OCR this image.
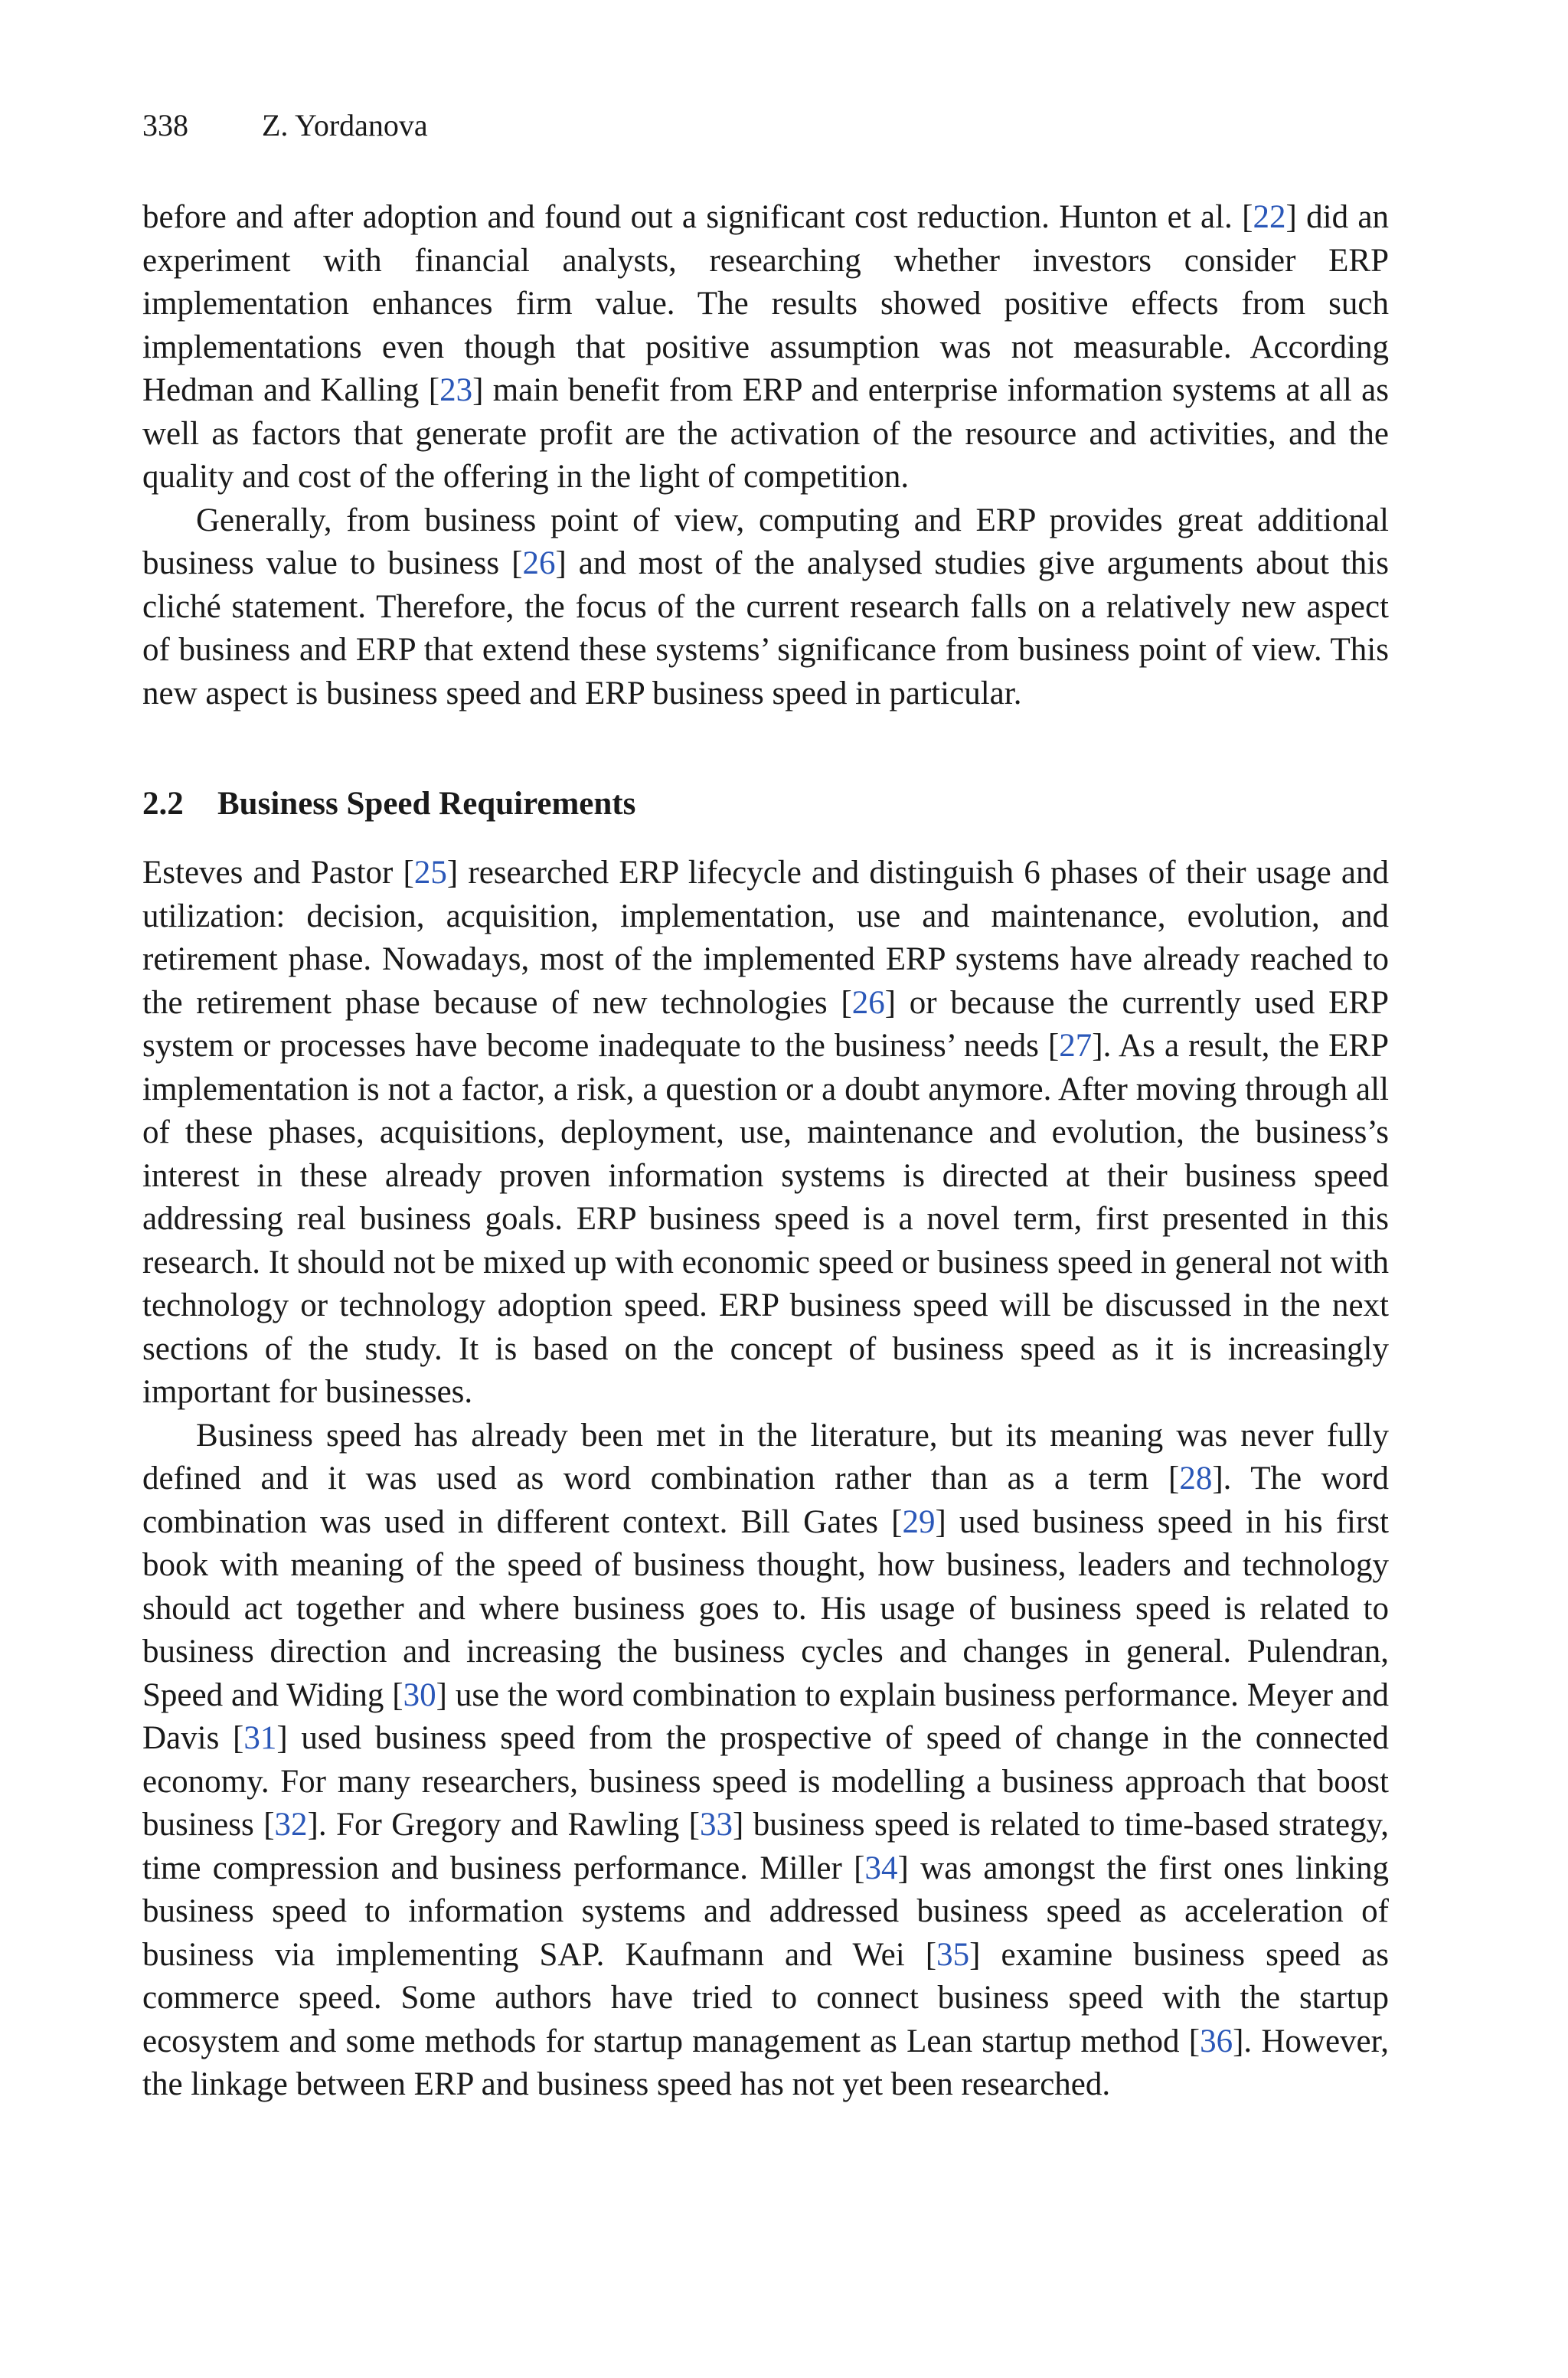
338 Z. Yordanova

before and after adoption and found out a significant cost reduction. Hunton et al. [22] did an experiment with financial analysts, researching whether investors consider ERP implementation enhances firm value. The results showed positive effects from such implementations even though that positive assumption was not measurable. According Hedman and Kalling [23] main benefit from ERP and enterprise information systems at all as well as factors that generate profit are the activation of the resource and activities, and the quality and cost of the offering in the light of competition.

Generally, from business point of view, computing and ERP provides great additional business value to business [26] and most of the analysed studies give arguments about this cliché statement. Therefore, the focus of the current research falls on a relatively new aspect of business and ERP that extend these systems’ significance from business point of view. This new aspect is business speed and ERP business speed in particular.

2.2 Business Speed Requirements

Esteves and Pastor [25] researched ERP lifecycle and distinguish 6 phases of their usage and utilization: decision, acquisition, implementation, use and maintenance, evolution, and retirement phase. Nowadays, most of the implemented ERP systems have already reached to the retirement phase because of new technologies [26] or because the currently used ERP system or processes have become inadequate to the business’ needs [27]. As a result, the ERP implementation is not a factor, a risk, a question or a doubt anymore. After moving through all of these phases, acquisitions, deployment, use, maintenance and evolution, the business’s interest in these already proven information systems is directed at their business speed addressing real business goals. ERP business speed is a novel term, first presented in this research. It should not be mixed up with economic speed or business speed in general not with technology or technology adoption speed. ERP business speed will be discussed in the next sections of the study. It is based on the concept of business speed as it is increasingly important for businesses.

Business speed has already been met in the literature, but its meaning was never fully defined and it was used as word combination rather than as a term [28]. The word combination was used in different context. Bill Gates [29] used business speed in his first book with meaning of the speed of business thought, how business, leaders and technology should act together and where business goes to. His usage of business speed is related to business direction and increasing the business cycles and changes in general. Pulendran, Speed and Widing [30] use the word combination to explain business performance. Meyer and Davis [31] used business speed from the prospective of speed of change in the connected economy. For many researchers, business speed is modelling a business approach that boost business [32]. For Gregory and Rawling [33] business speed is related to time-based strategy, time compression and business performance. Miller [34] was amongst the first ones linking business speed to information systems and addressed business speed as acceleration of business via implementing SAP. Kaufmann and Wei [35] examine business speed as commerce speed. Some authors have tried to connect business speed with the startup ecosystem and some methods for startup management as Lean startup method [36]. However, the linkage between ERP and business speed has not yet been researched.
